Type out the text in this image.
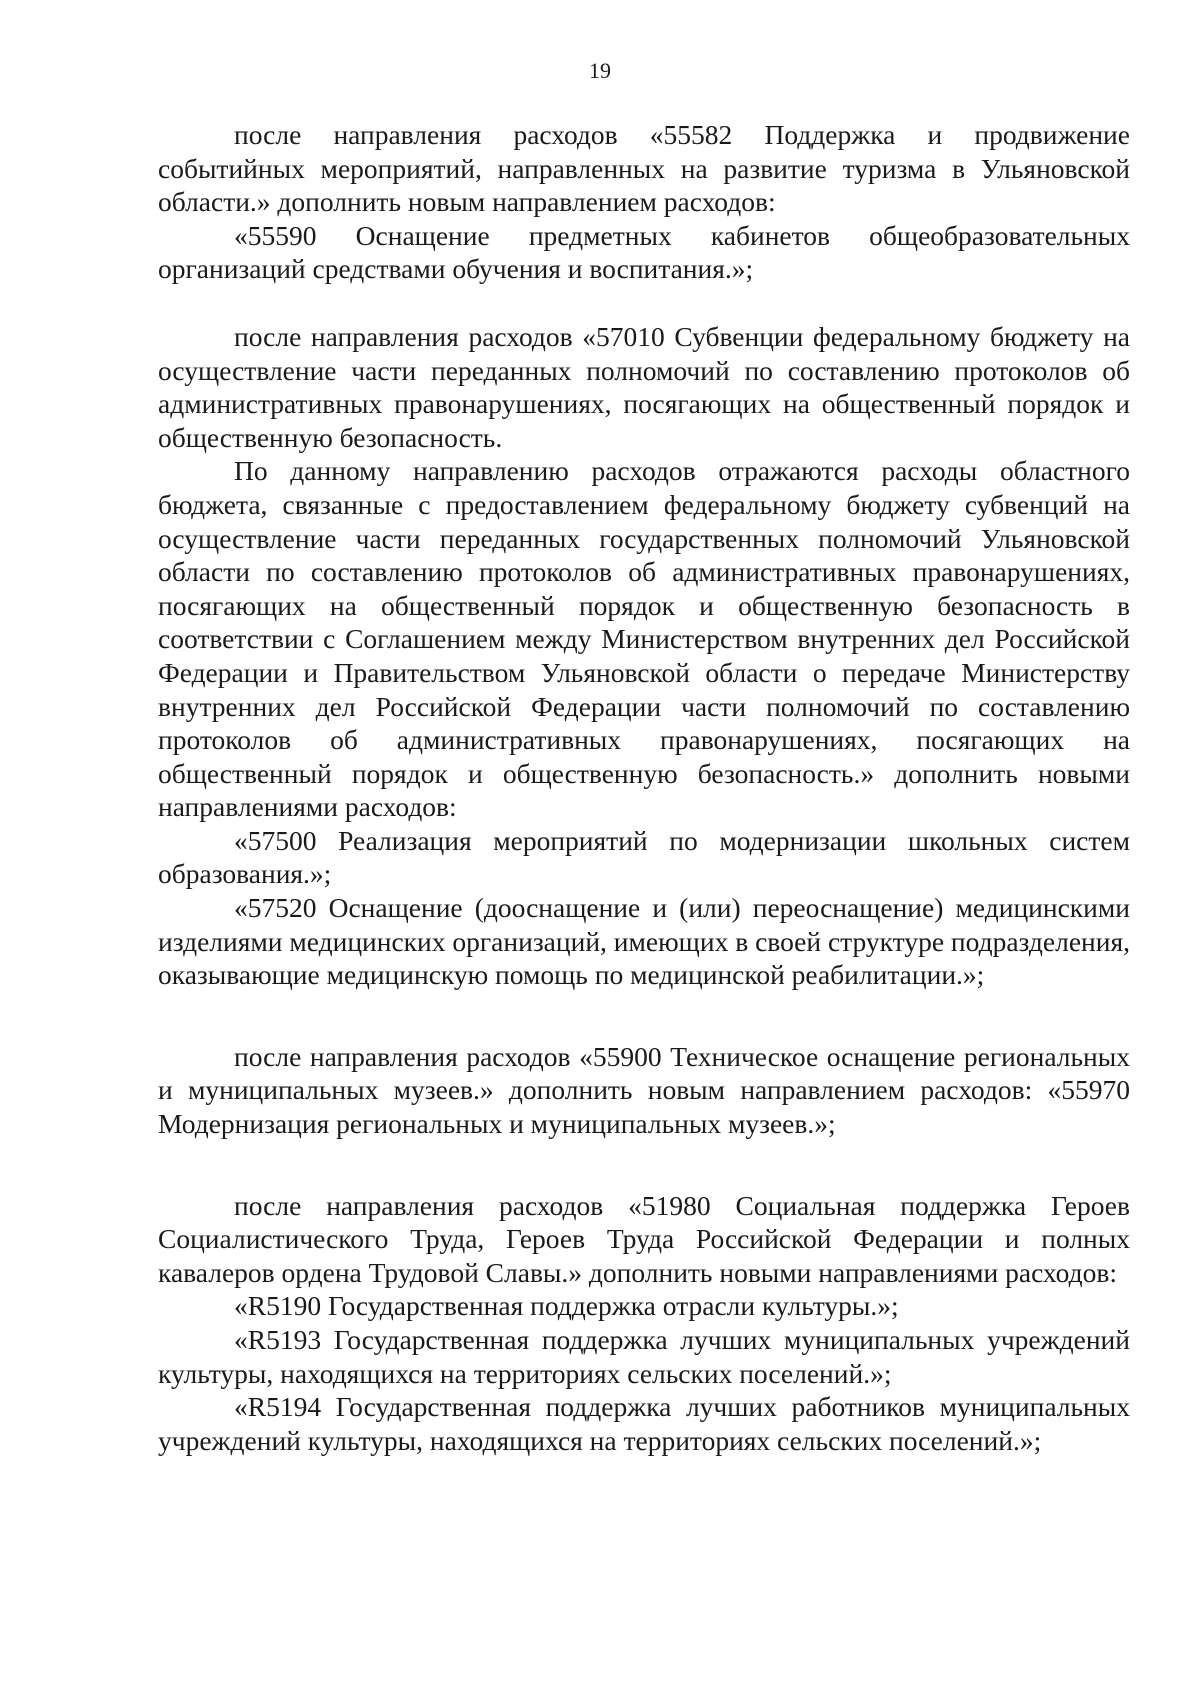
19

после направления расходов «55582 Поддержка и продвижение событийных мероприятий, направленных на развитие туризма в Ульяновской области.» дополнить новым направлением расходов:

«55590 Оснащение предметных кабинетов общеобразовательных организаций средствами обучения и воспитания.»;

после направления расходов «57010 Субвенции федеральному бюджету на осуществление части переданных полномочий по составлению протоколов об административных правонарушениях, посягающих на общественный порядок и общественную безопасность.

По данному направлению расходов отражаются расходы областного бюджета, связанные с предоставлением федеральному бюджету субвенций на осуществление части переданных государственных полномочий Ульяновской области по составлению протоколов об административных правонарушениях, посягающих на общественный порядок и общественную безопасность в соответствии с Соглашением между Министерством внутренних дел Российской Федерации и Правительством Ульяновской области о передаче Министерству внутренних дел Российской Федерации части полномочий по составлению протоколов об административных правонарушениях, посягающих на общественный порядок и общественную безопасность.» дополнить новыми направлениями расходов:

«57500 Реализация мероприятий по модернизации школьных систем образования.»;

«57520 Оснащение (дооснащение и (или) переоснащение) медицинскими изделиями медицинских организаций, имеющих в своей структуре подразделения, оказывающие медицинскую помощь по медицинской реабилитации.»;

после направления расходов «55900 Техническое оснащение региональных и муниципальных музеев.» дополнить новым направлением расходов: «55970 Модернизация региональных и муниципальных музеев.»;

после направления расходов «51980 Социальная поддержка Героев Социалистического Труда, Героев Труда Российской Федерации и полных кавалеров ордена Трудовой Славы.» дополнить новыми направлениями расходов:

«R5190 Государственная поддержка отрасли культуры.»;

«R5193 Государственная поддержка лучших муниципальных учреждений культуры, находящихся на территориях сельских поселений.»;

«R5194 Государственная поддержка лучших работников муниципальных учреждений культуры, находящихся на территориях сельских поселений.»;
